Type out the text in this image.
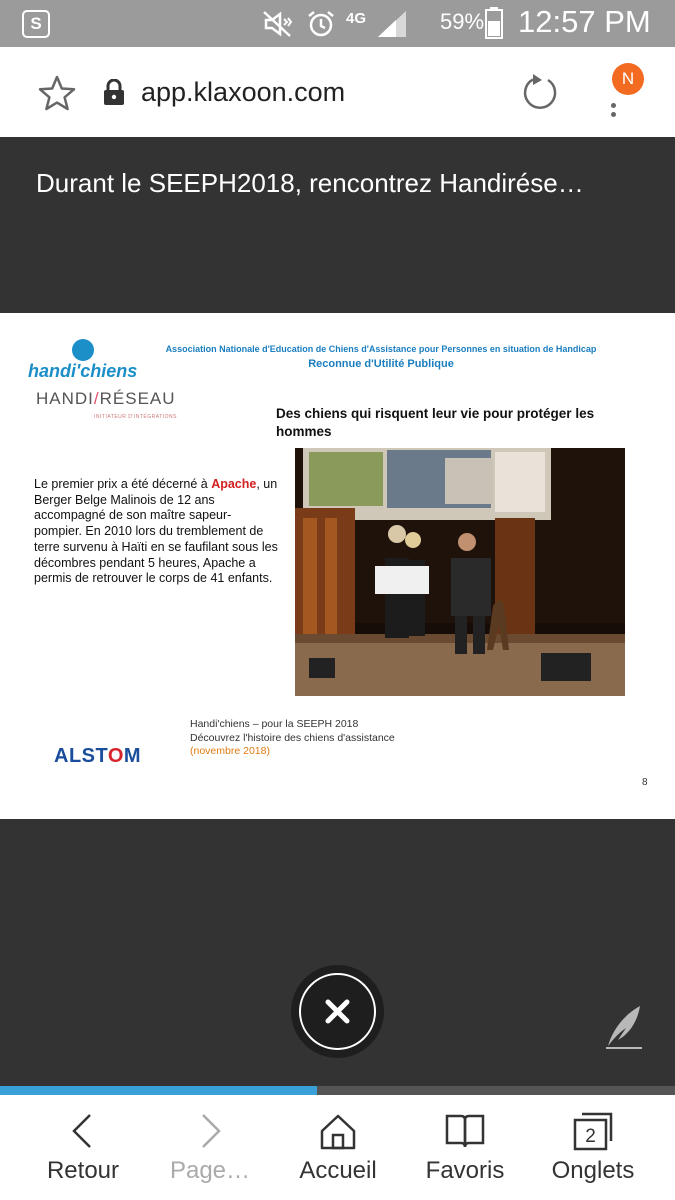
S	4G	59% 12:57 PM
app.klaxoon.com	N
Durant le SEEPH2018, rencontrez Handirése…
handi'chiens
HANDI/RÉSEAU
INITIATEUR D'INTÉGRATIONS
Association Nationale d'Education de Chiens d'Assistance pour Personnes en situation de Handicap
Reconnue d'Utilité Publique
Des chiens qui risquent leur vie pour protéger les hommes
Le premier prix a été décerné à Apache, un Berger Belge Malinois de 12 ans accompagné de son maître sapeur-pompier. En 2010 lors du tremblement de terre survenu à Haïti en se faufilant sous les décombres pendant 5 heures, Apache a permis de retrouver le corps de 41 enfants.
ALSTOM
Handi'chiens – pour la SEEPH 2018
Découvrez l'histoire des chiens d'assistance
(novembre 2018)
8
Retour	Page…	Accueil	Favoris
2
Onglets
